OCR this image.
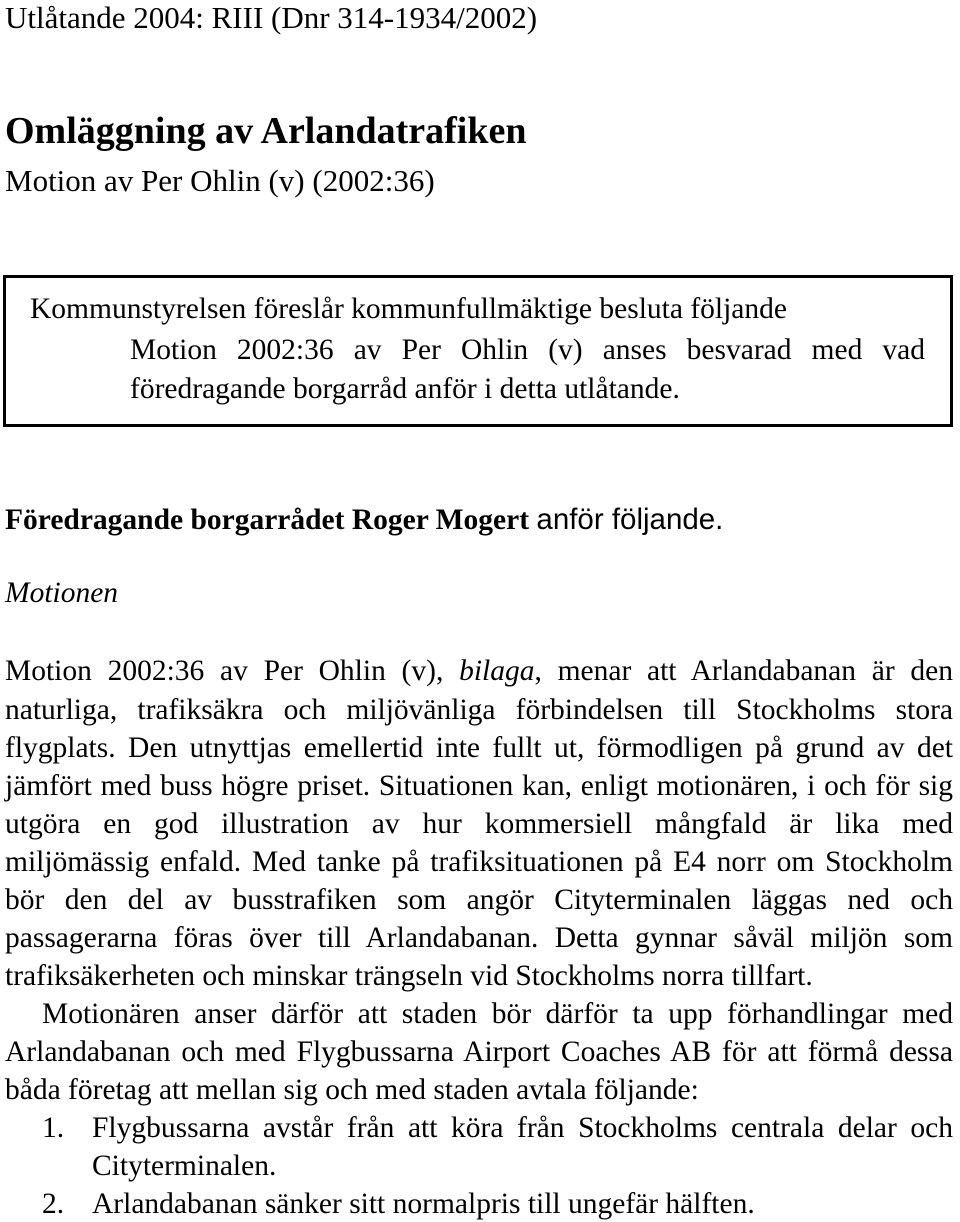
Utlåtande 2004: RIII (Dnr 314-1934/2002)
Omläggning av Arlandatrafiken
Motion av Per Ohlin (v) (2002:36)
Kommunstyrelsen föreslår kommunfullmäktige besluta följande
Motion 2002:36 av Per Ohlin (v) anses besvarad med vad
föredragande borgarråd anför i detta utlåtande.
Föredragande borgarrådet Roger Mogert anför följande.
Motionen
Motion 2002:36 av Per Ohlin (v), bilaga, menar att Arlandabanan är den
naturliga, trafiksäkra och miljövänliga förbindelsen till Stockholms stora
flygplats. Den utnyttjas emellertid inte fullt ut, förmodligen på grund av det
jämfört med buss högre priset. Situationen kan, enligt motionären, i och för sig
utgöra en god illustration av hur kommersiell mångfald är lika med
miljömässig enfald. Med tanke på trafiksituationen på E4 norr om Stockholm
bör den del av busstrafiken som angör Cityterminalen läggas ned och
passagerarna föras över till Arlandabanan. Detta gynnar såväl miljön som
trafiksäkerheten och minskar trängseln vid Stockholms norra tillfart.
Motionären anser därför att staden bör därför ta upp förhandlingar med
Arlandabanan och med Flygbussarna Airport Coaches AB för att förmå dessa
båda företag att mellan sig och med staden avtala följande:
1. Flygbussarna avstår från att köra från Stockholms centrala delar och
Cityterminalen.
2. Arlandabanan sänker sitt normalpris till ungefär hälften.
